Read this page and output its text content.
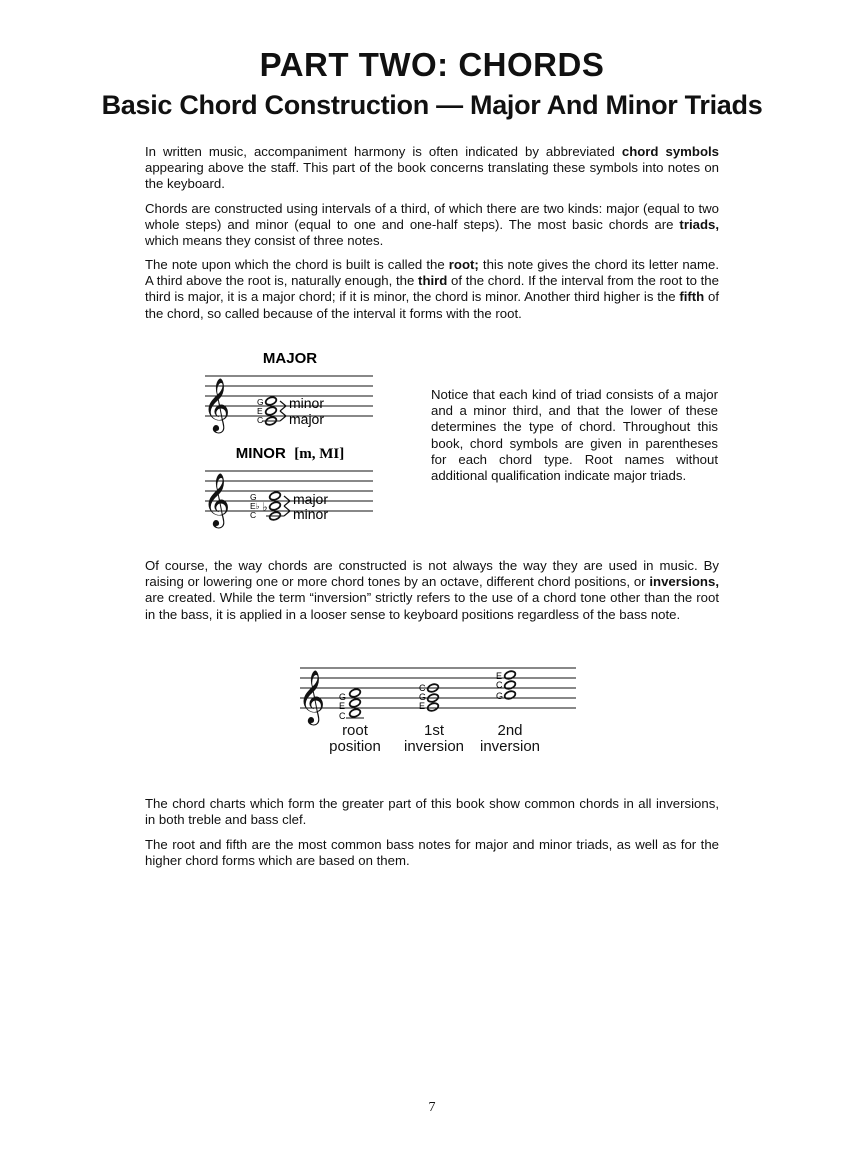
PART TWO: CHORDS
Basic Chord Construction — Major And Minor Triads

In written music, accompaniment harmony is often indicated by abbreviated chord symbols appearing above the staff. This part of the book concerns translating these symbols into notes on the keyboard.

Chords are constructed using intervals of a third, of which there are two kinds: major (equal to two whole steps) and minor (equal to one and one-half steps). The most basic chords are triads, which means they consist of three notes.

The note upon which the chord is built is called the root; this note gives the chord its letter name. A third above the root is, naturally enough, the third of the chord. If the interval from the root to the third is major, it is a major chord; if it is minor, the chord is minor. Another third higher is the fifth of the chord, so called because of the interval it forms with the root.

MAJOR
𝄞	G
E
C
minor
major
MINOR [m, MI]
𝄞 G
E♭
C
♭ major
minor

Notice that each kind of triad consists of a major and a minor third, and that the lower of these determines the type of chord. Throughout this book, chord symbols are given in parentheses for each chord type. Root names without additional qualification indicate major triads.

Of course, the way chords are constructed is not always the way they are used in music. By raising or lowering one or more chord tones by an octave, different chord positions, or inversions, are created. While the term “inversion” strictly refers to the use of a chord tone other than the root in the bass, it is applied in a looser sense to keyboard positions regardless of the bass note.

𝄞 G
E
C
C
G
E
E
C
G
root
position
1st
inversion
2nd
inversion

The chord charts which form the greater part of this book show common chords in all inversions, in both treble and bass clef.

The root and fifth are the most common bass notes for major and minor triads, as well as for the higher chord forms which are based on them.

7
